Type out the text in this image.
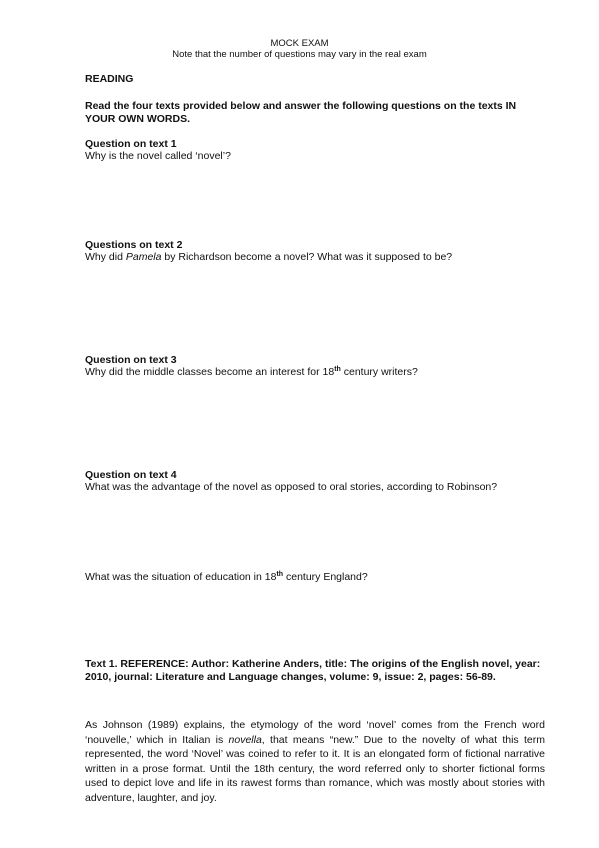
MOCK EXAM
Note that the number of questions may vary in the real exam
READING
Read the four texts provided below and answer the following questions on the texts IN YOUR OWN WORDS.
Question on text 1
Why is the novel called ‘novel’?
Questions on text 2
Why did Pamela by Richardson become a novel? What was it supposed to be?
Question on text 3
Why did the middle classes become an interest for 18th century writers?
Question on text 4
What was the advantage of the novel as opposed to oral stories, according to Robinson?
What was the situation of education in 18th century England?
Text 1. REFERENCE: Author: Katherine Anders, title: The origins of the English novel, year: 2010, journal: Literature and Language changes, volume: 9, issue: 2, pages: 56-89.
As Johnson (1989) explains, the etymology of the word ‘novel’ comes from the French word ‘nouvelle,’ which in Italian is novella, that means “new.” Due to the novelty of what this term represented, the word ‘Novel’ was coined to refer to it. It is an elongated form of fictional narrative written in a prose format. Until the 18th century, the word referred only to shorter fictional forms used to depict love and life in its rawest forms than romance, which was mostly about stories with adventure, laughter, and joy.
